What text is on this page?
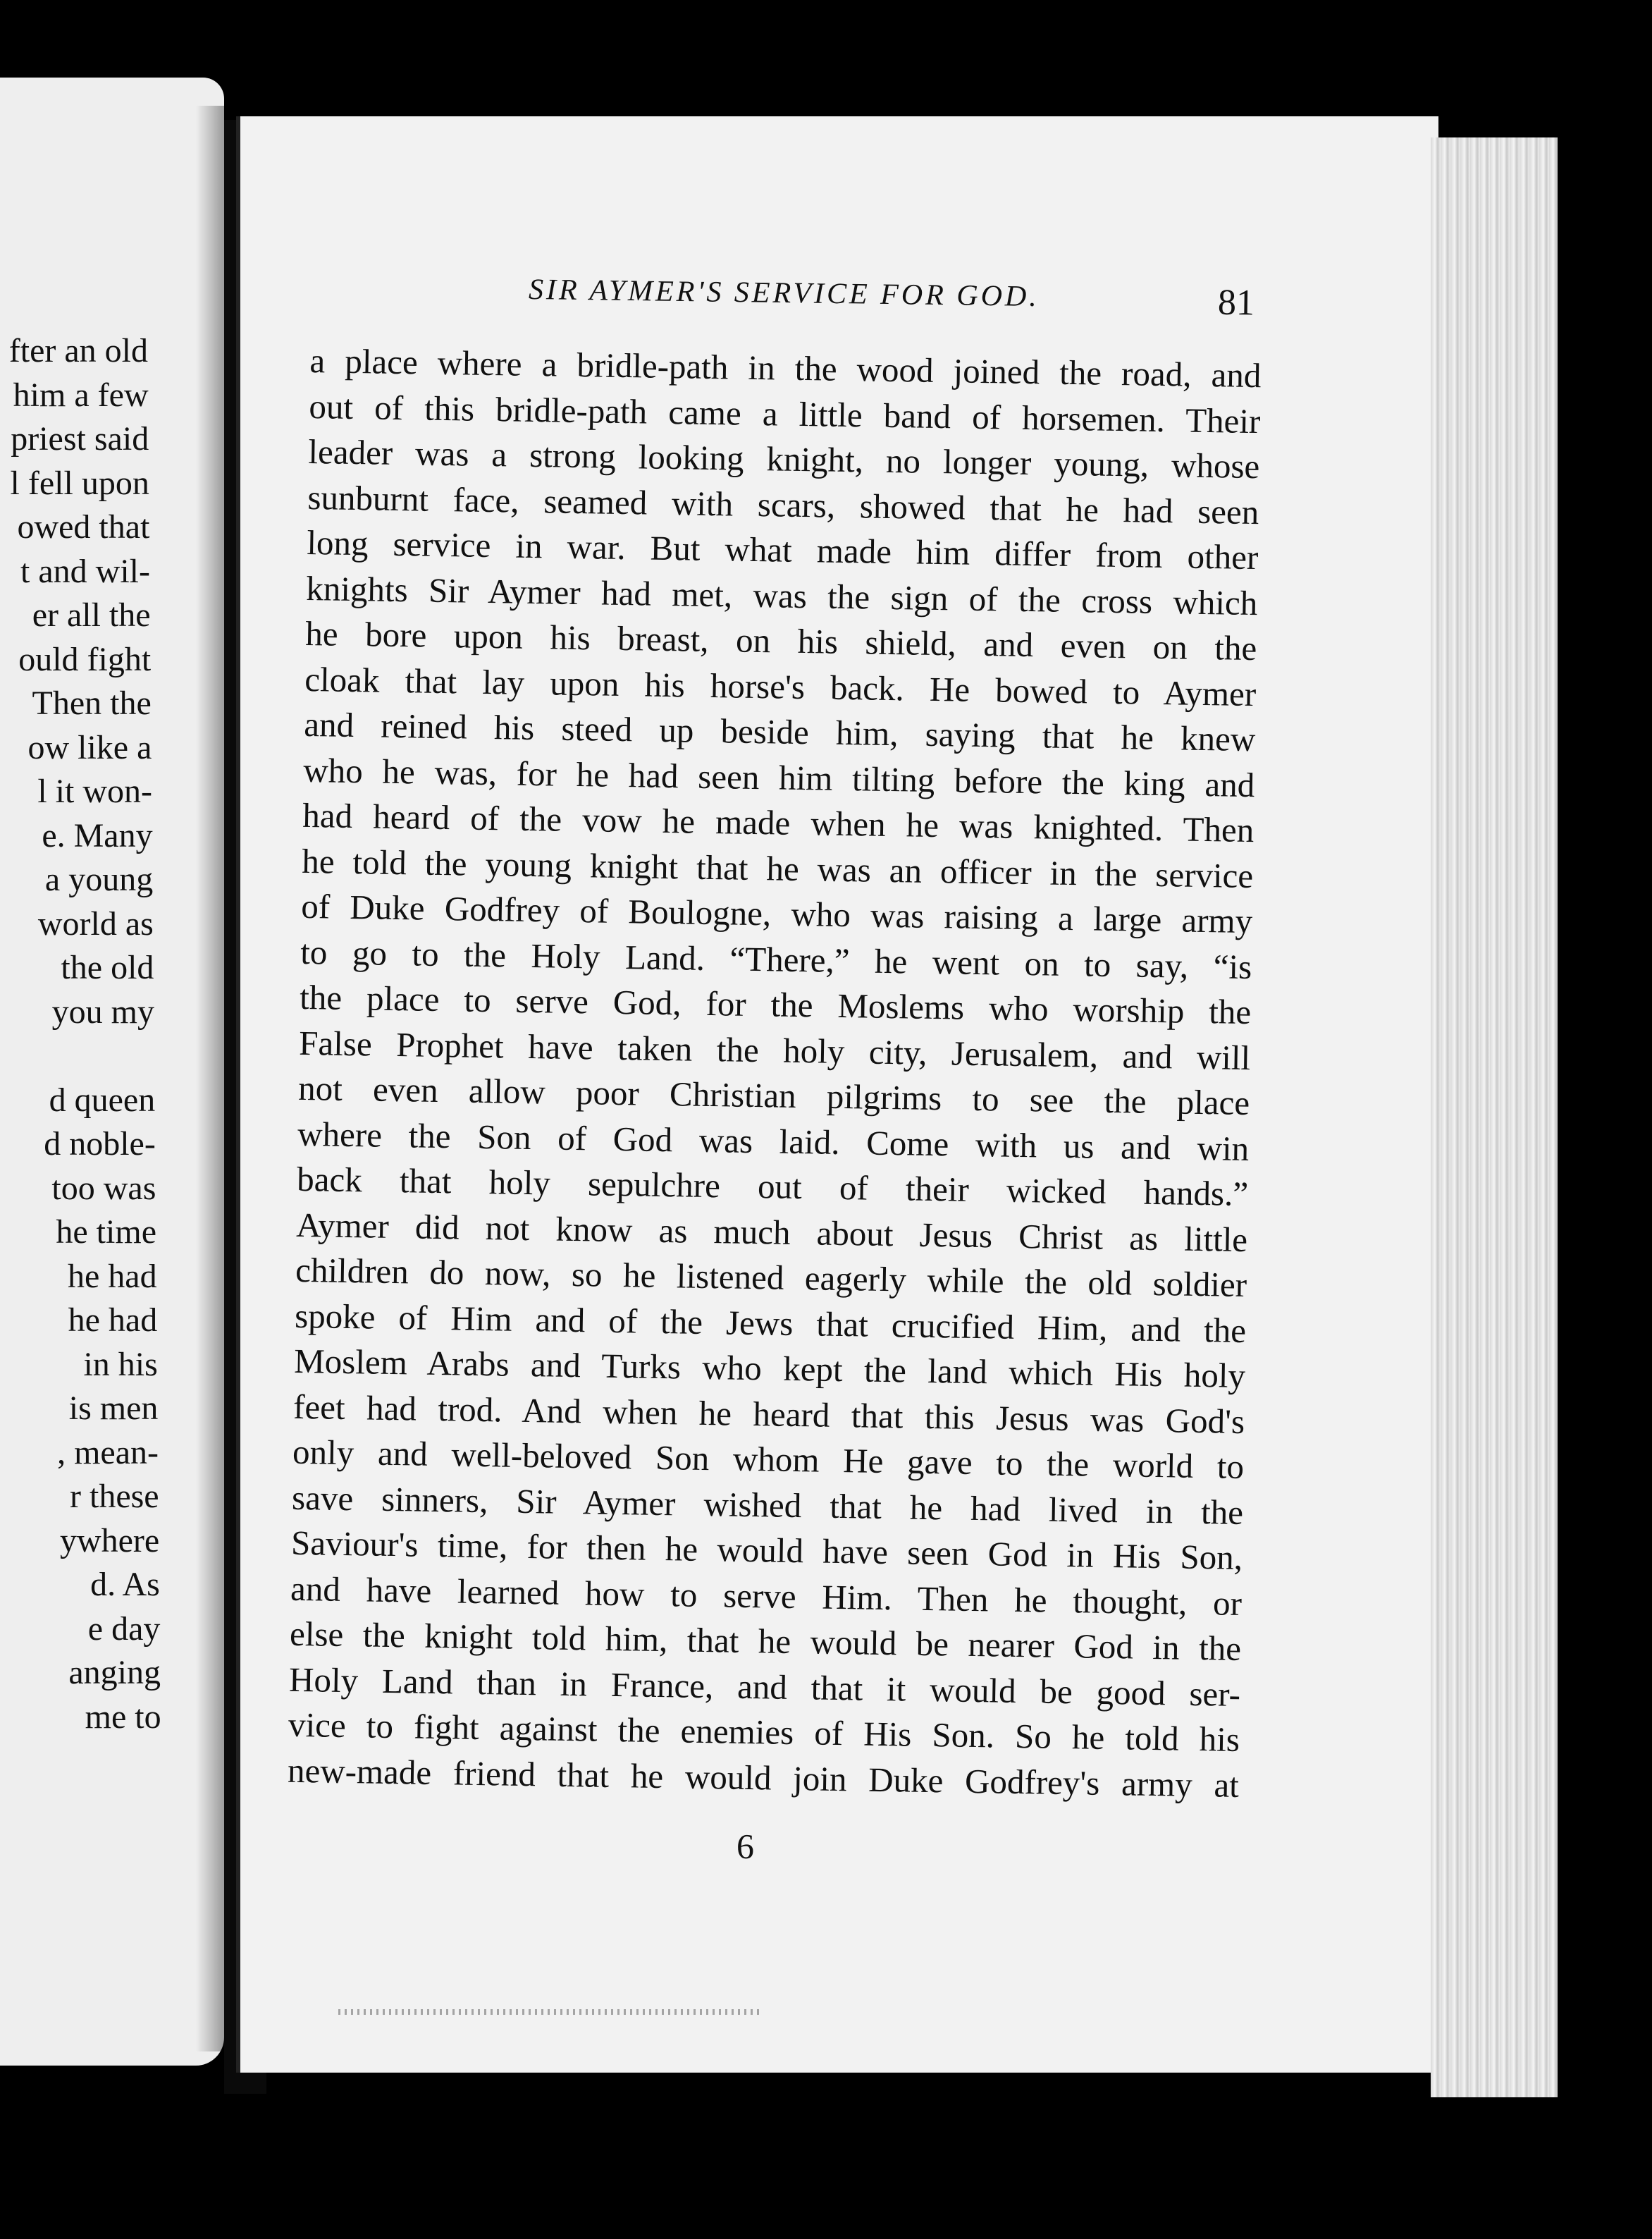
fter an old
him a few
priest said
l fell upon
owed that
t and wil-
er all the
ould fight
Then the
ow like a
l it won-
e. Many
a young
world as
the old
you my
d queen
d noble-
too was
he time
he had
he had
in his
is men
, mean-
r these
ywhere
d. As
e day
anging
me to
SIR AYMER'S SERVICE FOR GOD.	81
a place where a bridle-path in the wood joined the road, and
out of this bridle-path came a little band of horsemen. Their
leader was a strong looking knight, no longer young, whose
sunburnt face, seamed with scars, showed that he had seen
long service in war. But what made him differ from other
knights Sir Aymer had met, was the sign of the cross which
he bore upon his breast, on his shield, and even on the
cloak that lay upon his horse's back. He bowed to Aymer
and reined his steed up beside him, saying that he knew
who he was, for he had seen him tilting before the king and
had heard of the vow he made when he was knighted. Then
he told the young knight that he was an officer in the service
of Duke Godfrey of Boulogne, who was raising a large army
to go to the Holy Land. “There,” he went on to say, “is
the place to serve God, for the Moslems who worship the
False Prophet have taken the holy city, Jerusalem, and will
not even allow poor Christian pilgrims to see the place
where the Son of God was laid. Come with us and win
back that holy sepulchre out of their wicked hands.”
Aymer did not know as much about Jesus Christ as little
children do now, so he listened eagerly while the old soldier
spoke of Him and of the Jews that crucified Him, and the
Moslem Arabs and Turks who kept the land which His holy
feet had trod. And when he heard that this Jesus was God's
only and well-beloved Son whom He gave to the world to
save sinners, Sir Aymer wished that he had lived in the
Saviour's time, for then he would have seen God in His Son,
and have learned how to serve Him. Then he thought, or
else the knight told him, that he would be nearer God in the
Holy Land than in France, and that it would be good ser-
vice to fight against the enemies of His Son. So he told his
new-made friend that he would join Duke Godfrey's army at
6
